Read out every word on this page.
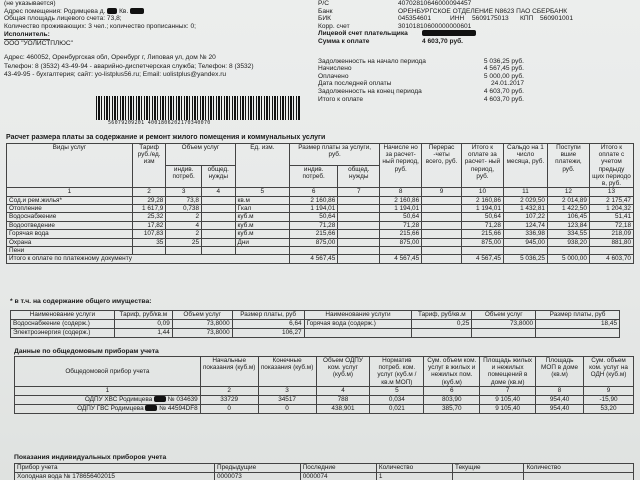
(не указывается)
Адрес помещения: Родимцева д. Кв.
Общая площадь лицевого счета: 73,8;
Количество проживающих: 3 чел.; количество прописанных: 0;
Исполнитель:
ООО "УОЛИСТПЛЮС"
Адрес: 460052, Оренбургская обл, Оренбург г, Липовая ул, дом № 20
Телефон: 8 (3532) 43-49-94 - аварийно-диспетчерская служба; Телефон: 8 (3532)
43-49-95 - бухгалтерия; сайт: yo-listplus56.ru; Email: uolistplus@yandex.ru
56079209201 4001806202170340070
Р/С	40702810646000094457
Банк	ОРЕНБУРГСКОЕ ОТДЕЛЕНИЕ N8623 ПАО СБЕРБАНК
БИК	045354601	ИНН	5609175013	КПП	560901001
Корр. счет	30101810600000000601
Лицевой счет плательщика
Сумма к оплате	4 603,70 руб.
Задолженность на начало периода	5 036,25 руб.
Начислено	4 567,45 руб.
Оплачено	5 000,00 руб.
Дата последней оплаты	24.01.2017
Задолженность на конец периода	4 603,70 руб.
Итого к оплате	4 603,70 руб.
Расчет размера платы за содержание и ремонт жилого помещения и коммунальных услуги
Виды услуг	Тариф руб./ед. изм	Объем услуг		Ед. изм.	Размер платы за услуги, руб.		Начисле но за расчет- ный период, руб.	Перерас -четы всего, руб.	Итого к оплате за расчет- ный период, руб.	Сальдо на 1 число месяца, руб.	Поступи вшие платежи, руб.	Итого к оплате с учетом предыду щих периодо в, руб.
		индив. потреб.	общед. нужды		индив. потреб.	общед. нужды						
1	2	3	4	5	6	7	8	9	10	11	12	13
Сод.и рем.жилья*	29,28	73,8		кв.м	2 160,86		2 160,86		2 160,86	2 029,50	2 014,89	2 175,47
Отопление	1 617,9	0,738		Гкал	1 194,01		1 194,01		1 194,01	1 432,81	1 422,50	1 204,32
Водоснабжение	25,32	2		куб.м	50,64		50,64		50,64	107,22	106,45	51,41
Водоотведение	17,82	4		куб.м	71,28		71,28		71,28	124,74	123,84	72,18
Горячая вода	107,83	2		куб.м	215,66		215,66		215,66	336,98	334,55	218,09
Охрана	35	25		Дни	875,00		875,00		875,00	945,00	938,20	881,80
Пени												
Итого к оплате по платежному документу					4 567,45		4 567,45		4 567,45	5 036,25	5 000,00	4 603,70
* в т.ч. на содержание общего имущества:
Наименование услуги	Тариф, руб/кв.м	Объем услуг	Размер платы, руб	Наименование услуги	Тариф, руб/кв.м	Объем услуг	Размер платы, руб
Водоснабжение (содерж.)	0,09	73,8000	6,64	Горячая вода (содерж.)	0,25	73,8000	18,45
Электроэнергия (содерж.)	1,44	73,8000	106,27				
Данные по общедомовым приборам учета
Общедомовой прибор учета	Начальные показания (куб.м)	Конечные показания (куб.м)	Объем ОДПУ ком. услуг (куб.м)	Норматив потреб. ком. услуг (куб.м /кв.м МОП)	Сум. объем ком. услуг в жилых и нежилых пом. (куб.м)	Площадь жилых и нежилых помещений в доме (кв.м)	Площадь МОП в доме (кв.м)	Сум. объем ком. услуг на ОДН (куб.м)
1	2	3	4	5	6	7	8	9
ОДПУ ХВС Родимцева  № 034639	33729	34517	788	0,034	803,90	9 105,40	954,40	-15,90
ОДПУ ГВС Родимцева  № 44594DF8	0	0	438,901	0,021	385,70	9 105,40	954,40	53,20
Показания индивидуальных приборов учета
Прибор учета	Предыдущие	Последние	Количество	Текущие	Количество
Холодная вода № 178656402015	0000073	0000074	1		
